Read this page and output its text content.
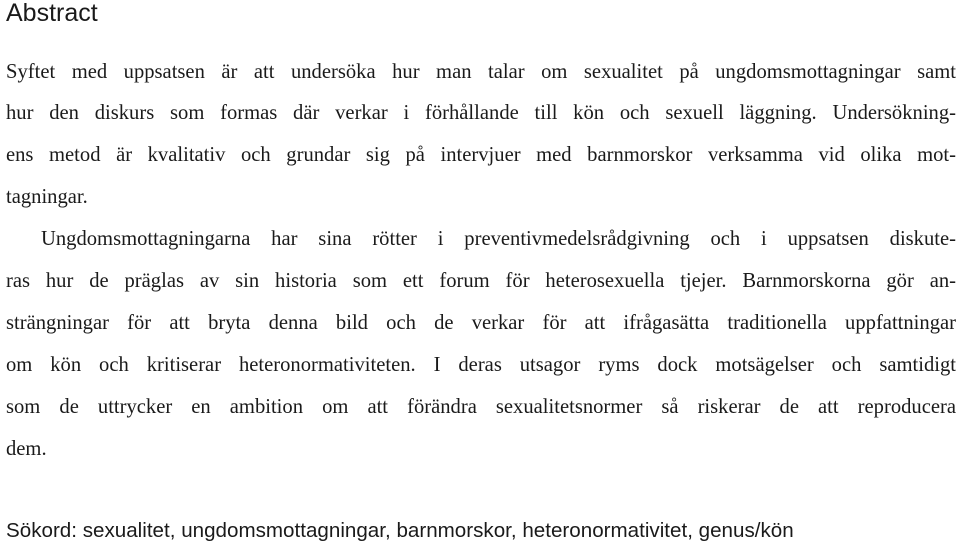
Abstract
Syftet med uppsatsen är att undersöka hur man talar om sexualitet på ungdomsmottagningar samt
hur den diskurs som formas där verkar i förhållande till kön och sexuell läggning. Undersökning-
ens metod är kvalitativ och grundar sig på intervjuer med barnmorskor verksamma vid olika mot-
tagningar.
Ungdomsmottagningarna har sina rötter i preventivmedelsrådgivning och i uppsatsen diskute-
ras hur de präglas av sin historia som ett forum för heterosexuella tjejer. Barnmorskorna gör an-
strängningar för att bryta denna bild och de verkar för att ifrågasätta traditionella uppfattningar
om kön och kritiserar heteronormativiteten. I deras utsagor ryms dock motsägelser och samtidigt
som de uttrycker en ambition om att förändra sexualitetsnormer så riskerar de att reproducera
dem.
Sökord: sexualitet, ungdomsmottagningar, barnmorskor, heteronormativitet, genus/kön
